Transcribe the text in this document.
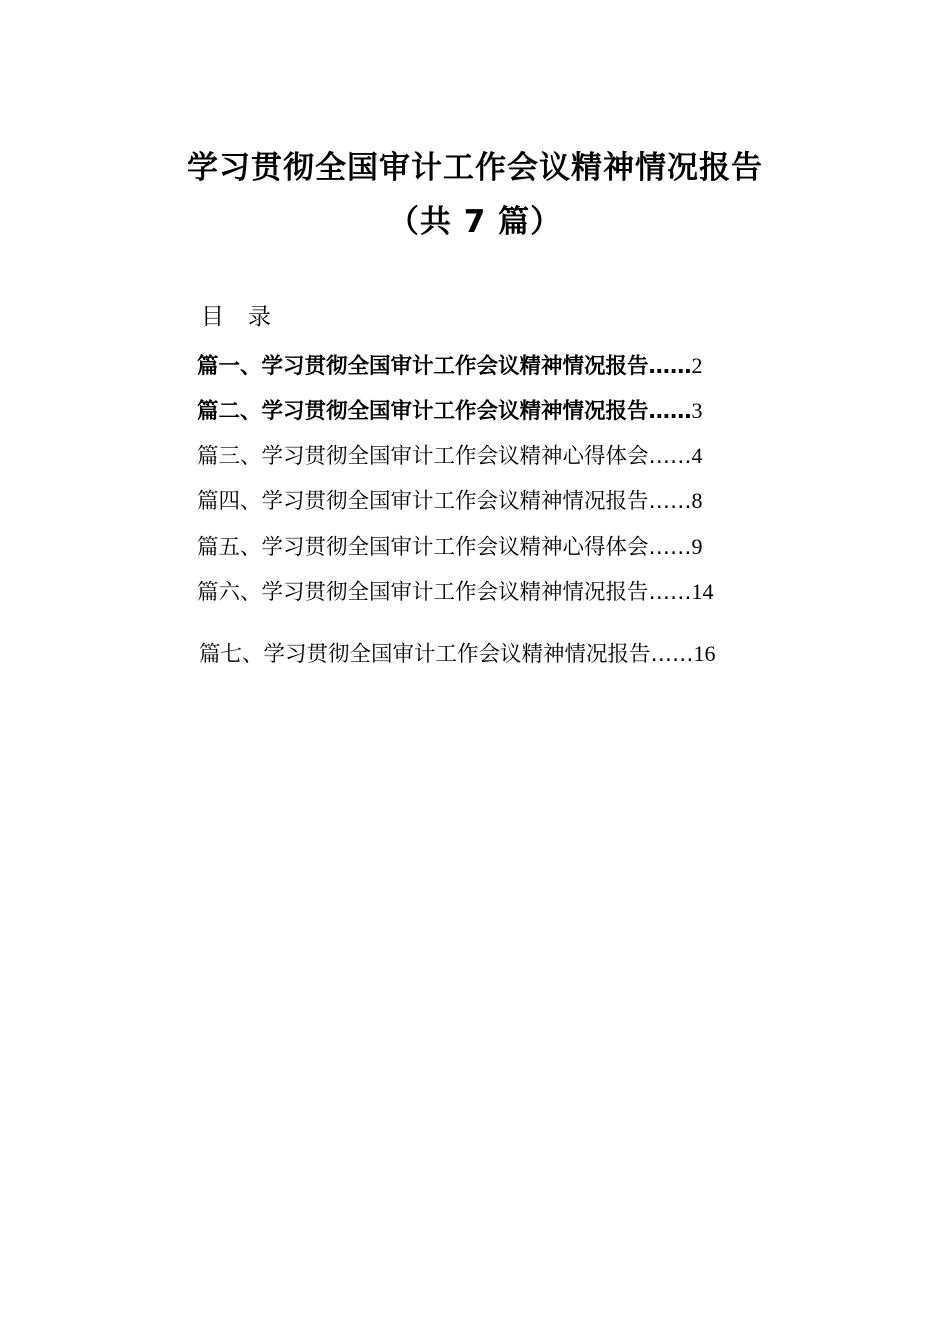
学习贯彻全国审计工作会议精神情况报告
（共 7 篇）
目录
篇一、学习贯彻全国审计工作会议精神情况报告……2
篇二、学习贯彻全国审计工作会议精神情况报告……3
篇三、学习贯彻全国审计工作会议精神心得体会……4
篇四、学习贯彻全国审计工作会议精神情况报告……8
篇五、学习贯彻全国审计工作会议精神心得体会……9
篇六、学习贯彻全国审计工作会议精神情况报告……14
篇七、学习贯彻全国审计工作会议精神情况报告……16
